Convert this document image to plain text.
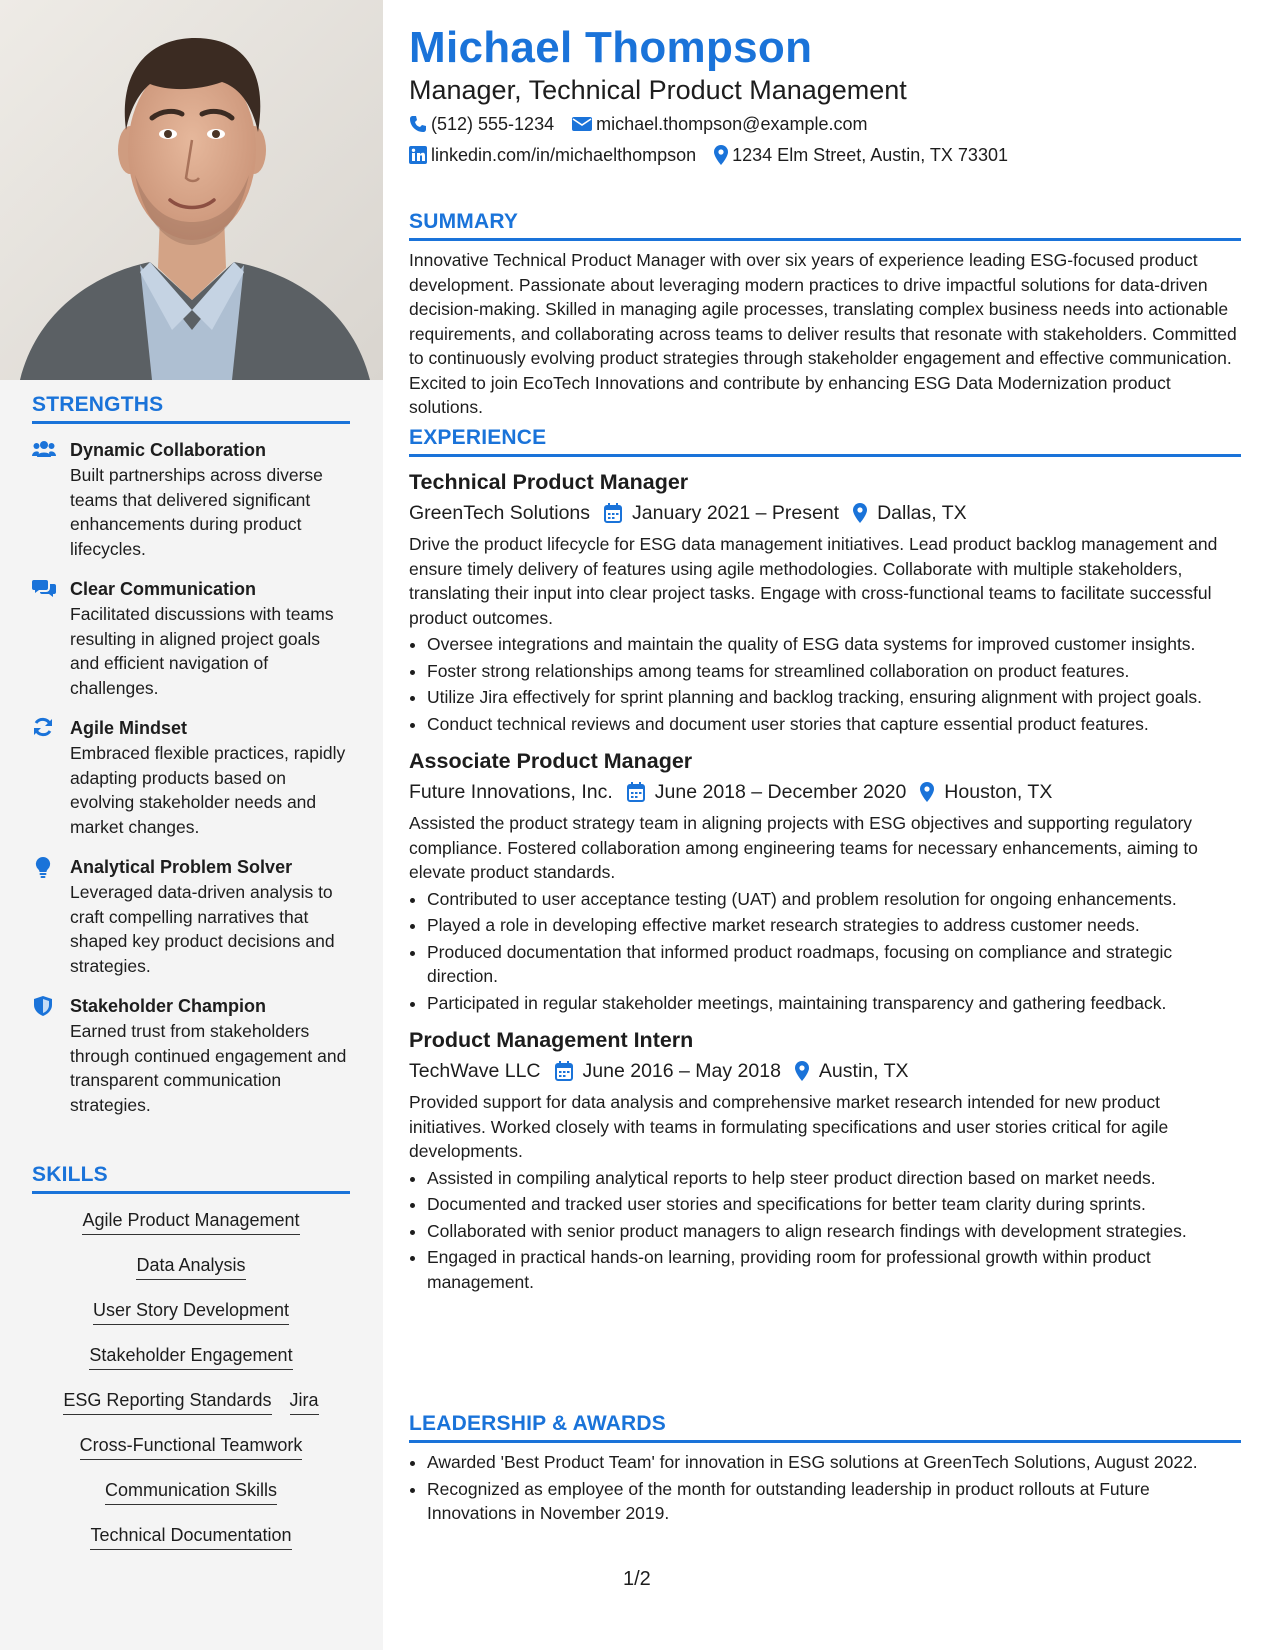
STRENGTHS
Dynamic Collaboration
Built partnerships across diverse teams that delivered significant enhancements during product lifecycles.
Clear Communication
Facilitated discussions with teams resulting in aligned project goals and efficient navigation of challenges.
Agile Mindset
Embraced flexible practices, rapidly adapting products based on evolving stakeholder needs and market changes.
Analytical Problem Solver
Leveraged data-driven analysis to craft compelling narratives that shaped key product decisions and strategies.
Stakeholder Champion
Earned trust from stakeholders through continued engagement and transparent communication strategies.
SKILLS
Agile Product Management
Data Analysis
User Story Development
Stakeholder Engagement
ESG Reporting Standards Jira
Cross-Functional Teamwork
Communication Skills
Technical Documentation
Michael Thompson
Manager, Technical Product Management
(512) 555-1234 michael.thompson@example.com
linkedin.com/in/michaelthompson 1234 Elm Street, Austin, TX 73301
SUMMARY

Innovative Technical Product Manager with over six years of experience leading ESG-focused product development. Passionate about leveraging modern practices to drive impactful solutions for data-driven decision-making. Skilled in managing agile processes, translating complex business needs into actionable requirements, and collaborating across teams to deliver results that resonate with stakeholders. Committed to continuously evolving product strategies through stakeholder engagement and effective communication. Excited to join EcoTech Innovations and contribute by enhancing ESG Data Modernization product solutions.

EXPERIENCE
Technical Product Manager
GreenTech Solutions January 2021 – Present Dallas, TX

Drive the product lifecycle for ESG data management initiatives. Lead product backlog management and ensure timely delivery of features using agile methodologies. Collaborate with multiple stakeholders, translating their input into clear project tasks. Engage with cross-functional teams to facilitate successful product outcomes.

• Oversee integrations and maintain the quality of ESG data systems for improved customer insights.
• Foster strong relationships among teams for streamlined collaboration on product features.
• Utilize Jira effectively for sprint planning and backlog tracking, ensuring alignment with project goals.
• Conduct technical reviews and document user stories that capture essential product features.
Associate Product Manager
Future Innovations, Inc. June 2018 – December 2020 Houston, TX

Assisted the product strategy team in aligning projects with ESG objectives and supporting regulatory compliance. Fostered collaboration among engineering teams for necessary enhancements, aiming to elevate product standards.

• Contributed to user acceptance testing (UAT) and problem resolution for ongoing enhancements.
• Played a role in developing effective market research strategies to address customer needs.
• Produced documentation that informed product roadmaps, focusing on compliance and strategic direction.
• Participated in regular stakeholder meetings, maintaining transparency and gathering feedback.
Product Management Intern
TechWave LLC June 2016 – May 2018 Austin, TX

Provided support for data analysis and comprehensive market research intended for new product initiatives. Worked closely with teams in formulating specifications and user stories critical for agile developments.

• Assisted in compiling analytical reports to help steer product direction based on market needs.
• Documented and tracked user stories and specifications for better team clarity during sprints.
• Collaborated with senior product managers to align research findings with development strategies.
• Engaged in practical hands-on learning, providing room for professional growth within product management.
LEADERSHIP & AWARDS
• Awarded 'Best Product Team' for innovation in ESG solutions at GreenTech Solutions, August 2022.
• Recognized as employee of the month for outstanding leadership in product rollouts at Future Innovations in November 2019.
1/2
